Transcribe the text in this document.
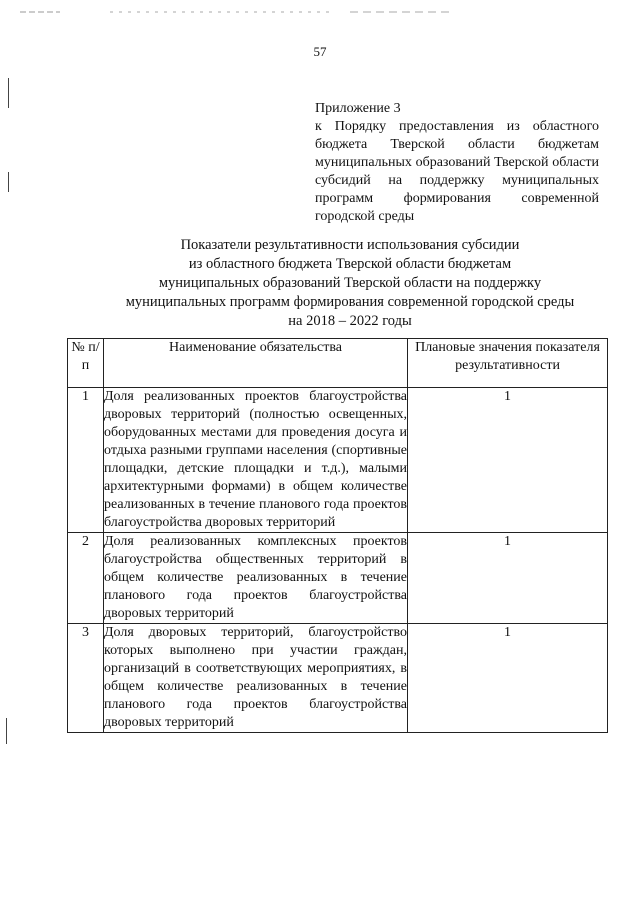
57
Приложение 3
к Порядку предоставления из областного бюджета Тверской области бюджетам муниципальных образований Тверской области субсидий на поддержку муниципальных программ формирования современной городской среды
Показатели результативности использования субсидии
из областного бюджета Тверской области бюджетам
муниципальных образований Тверской области на поддержку
муниципальных программ формирования современной городской среды
на 2018 – 2022 годы
№ п/п	Наименование обязательства	Плановые значения показателя результативности
1	Доля реализованных проектов благоустройства дворовых территорий (полностью освещенных, оборудованных местами для проведения досуга и отдыха разными группами населения (спортивные площадки, детские площадки и т.д.), малыми архитектурными формами) в общем количестве реализованных в течение планового года проектов благоустройства дворовых территорий	1
2	Доля реализованных комплексных проектов благоустройства общественных территорий в общем количестве реализованных в течение планового года проектов благоустройства дворовых территорий	1
3	Доля дворовых территорий, благоустройство которых выполнено при участии граждан, организаций в соответствующих мероприятиях, в общем количестве реализованных в течение планового года проектов благоустройства дворовых территорий	1
